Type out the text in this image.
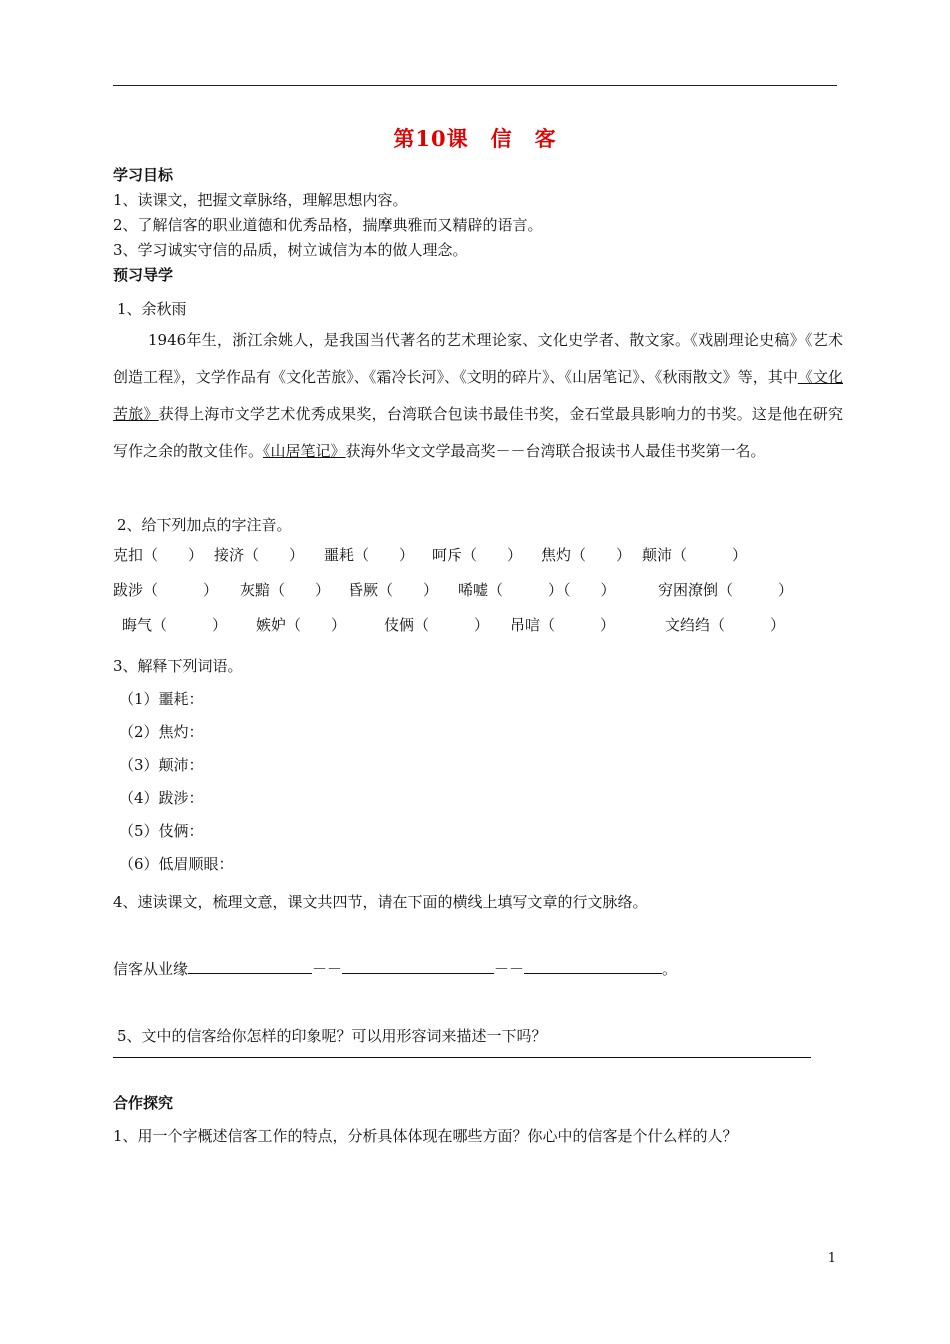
第10课　信　客
学习目标
1、读课文，把握文章脉络，理解思想内容。
2、了解信客的职业道德和优秀品格，揣摩典雅而又精辟的语言。
3、学习诚实守信的品质，树立诚信为本的做人理念。
预习导学
1、余秋雨
1946年生，浙江余姚人，是我国当代著名的艺术理论家、文化史学者、散文家。《戏剧理论史稿》《艺术创造工程》，文学作品有《文化苦旅》、《霜冷长河》、《文明的碎片》、《山居笔记》、《秋雨散文》等，其中《文化苦旅》获得上海市文学艺术优秀成果奖，台湾联合包读书最佳书奖，金石堂最具影响力的书奖。这是他在研究写作之余的散文佳作。《山居笔记》获海外华文文学最高奖－－台湾联合报读书人最佳书奖第一名。
2、给下列加点的字注音。
克扣（　　） 接济（　　） 噩耗（　　） 呵斥（　　） 焦灼（　　） 颠沛（　　　）
跋涉（　　　） 灰黯（　　） 昏厥（　　） 唏嘘（　　　）（　　）	穷困潦倒（　　　）
晦气（　　　） 嫉妒（　　）	伎俩（　　　） 吊唁（　　　）	文绉绉（　　　）
3、解释下列词语。
（1）噩耗：
（2）焦灼：
（3）颠沛：
（4）跋涉：
（5）伎俩：
（6）低眉顺眼：
4、速读课文，梳理文意，课文共四节，请在下面的横线上填写文章的行文脉络。
信客从业缘	－－	－－	。
5、文中的信客给你怎样的印象呢？可以用形容词来描述一下吗？
合作探究
1、用一个字概述信客工作的特点，分析具体体现在哪些方面？你心中的信客是个什么样的人？
1
